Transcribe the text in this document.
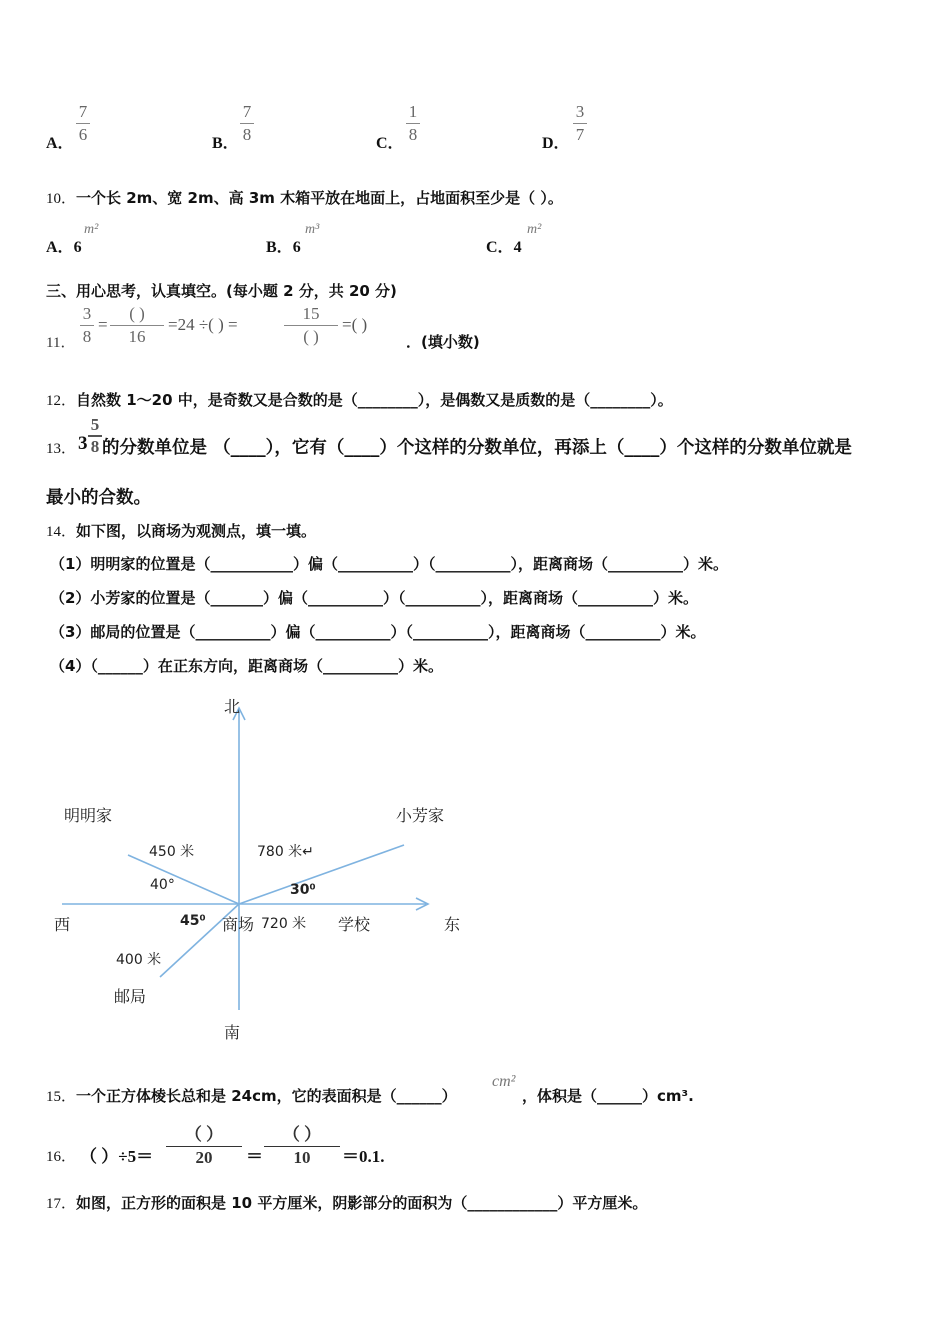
A．
7
6	B．
7
8	C．
1
8	D．
3
7
10．一个长 2m、宽 2m、高 3m 木箱平放在地面上，占地面积至少是（ ）。
A．6
m²
B．6
m³
C．4
m²
三、用心思考，认真填空。(每小题 2 分，共 20 分)
11．
3
8
=
( )
16
=24 ÷( ) =
15
( )
=( )
．(填小数)
12．自然数 1～20 中，是奇数又是合数的是（________），是偶数又是质数的是（________）。
13． 3
5
8 的分数单位是 （____），它有（____）个这样的分数单位，再添上（____）个这样的分数单位就是
最小的合数。
14．如下图，以商场为观测点，填一填。
（1）明明家的位置是（___________）偏（__________）（__________），距离商场（__________）米。
（2）小芳家的位置是（_______）偏（__________）（__________），距离商场（__________）米。
（3）邮局的位置是（__________）偏（__________）（__________），距离商场（__________）米。
（4）（______）在正东方向，距离商场（__________）米。
北
南
东
西	商场
明明家	小芳家
学校
邮局
450 米	780 米↵
720 米
400 米
40°	30⁰
45⁰
15．一个正方体棱长总和是 24cm，它的表面积是（______）
cm²
，体积是（______）cm³.
16． （ ）÷5＝
（ ）
20 ＝
（ ）
10 ＝0.1.
17．如图，正方形的面积是 10 平方厘米，阴影部分的面积为（____________）平方厘米。
